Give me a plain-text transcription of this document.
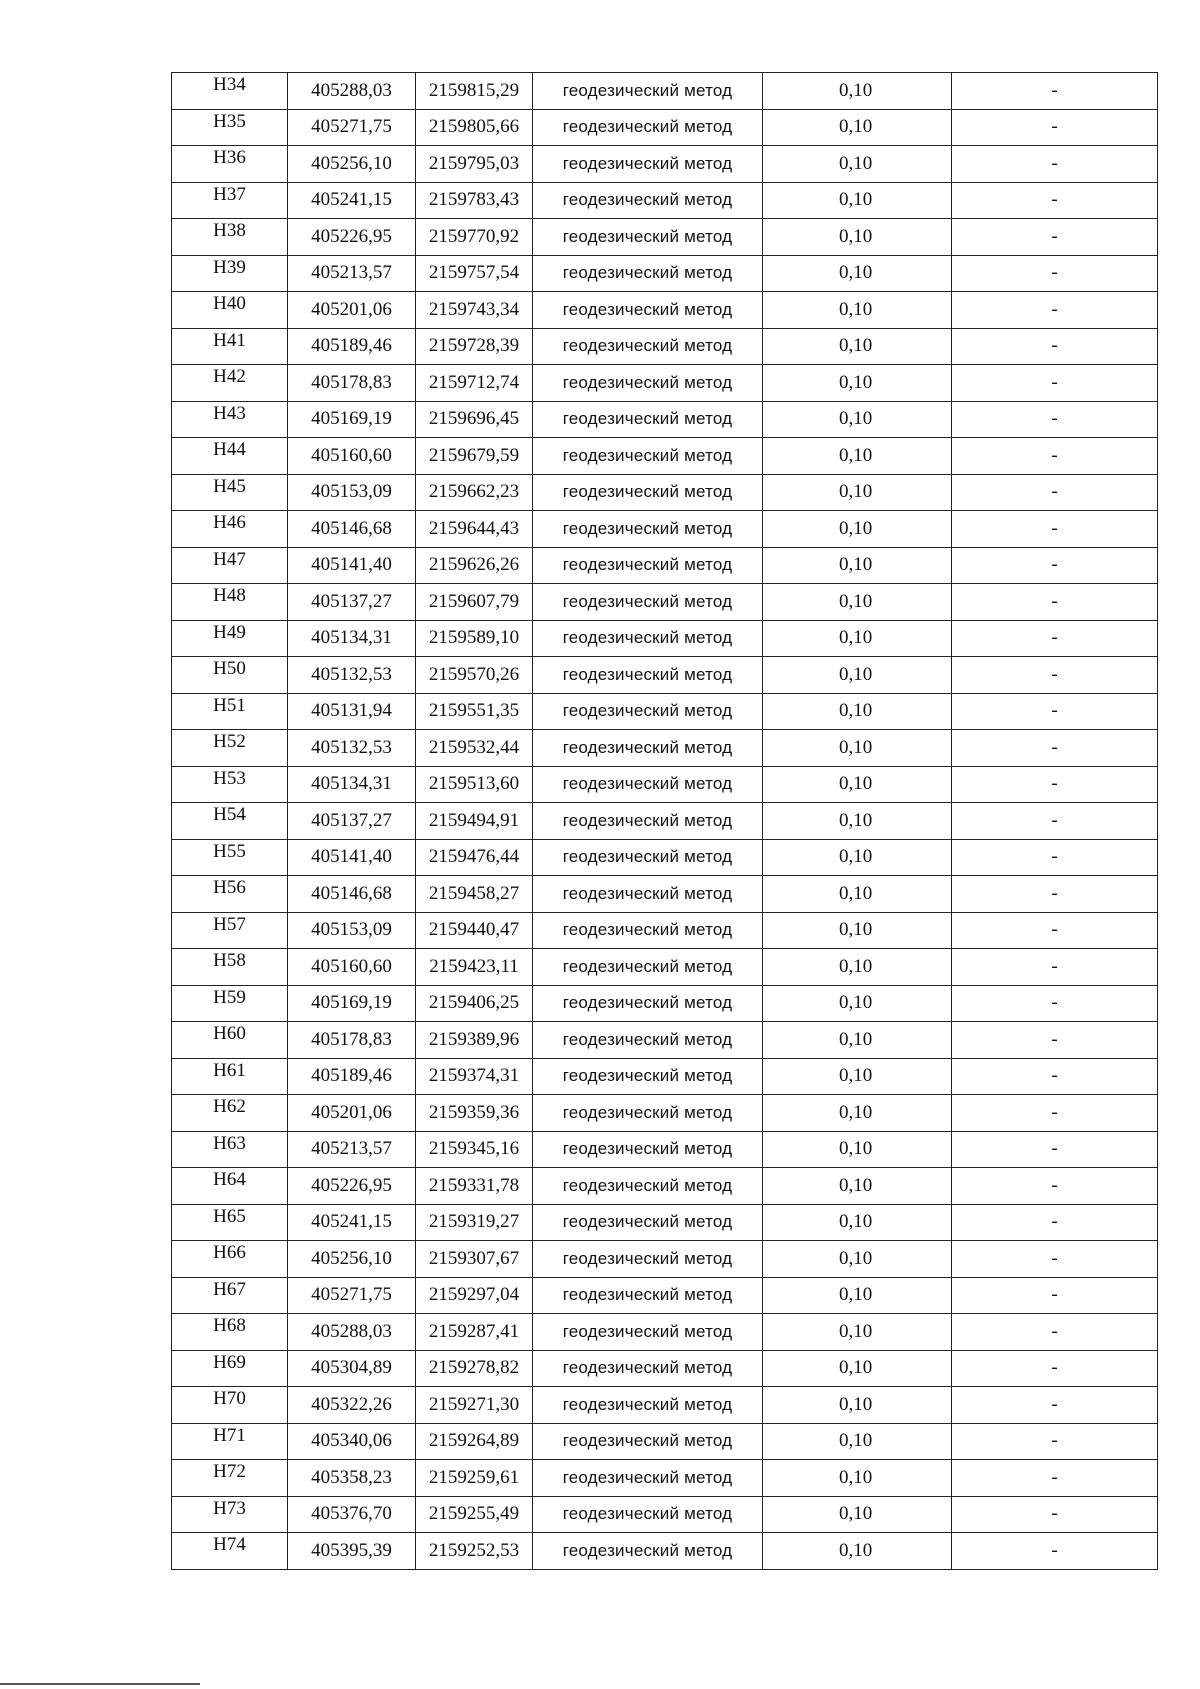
Н34	405288,03	2159815,29	геодезический метод	0,10	-
Н35	405271,75	2159805,66	геодезический метод	0,10	-
Н36	405256,10	2159795,03	геодезический метод	0,10	-
Н37	405241,15	2159783,43	геодезический метод	0,10	-
Н38	405226,95	2159770,92	геодезический метод	0,10	-
Н39	405213,57	2159757,54	геодезический метод	0,10	-
Н40	405201,06	2159743,34	геодезический метод	0,10	-
Н41	405189,46	2159728,39	геодезический метод	0,10	-
Н42	405178,83	2159712,74	геодезический метод	0,10	-
Н43	405169,19	2159696,45	геодезический метод	0,10	-
Н44	405160,60	2159679,59	геодезический метод	0,10	-
Н45	405153,09	2159662,23	геодезический метод	0,10	-
Н46	405146,68	2159644,43	геодезический метод	0,10	-
Н47	405141,40	2159626,26	геодезический метод	0,10	-
Н48	405137,27	2159607,79	геодезический метод	0,10	-
Н49	405134,31	2159589,10	геодезический метод	0,10	-
Н50	405132,53	2159570,26	геодезический метод	0,10	-
Н51	405131,94	2159551,35	геодезический метод	0,10	-
Н52	405132,53	2159532,44	геодезический метод	0,10	-
Н53	405134,31	2159513,60	геодезический метод	0,10	-
Н54	405137,27	2159494,91	геодезический метод	0,10	-
Н55	405141,40	2159476,44	геодезический метод	0,10	-
Н56	405146,68	2159458,27	геодезический метод	0,10	-
Н57	405153,09	2159440,47	геодезический метод	0,10	-
Н58	405160,60	2159423,11	геодезический метод	0,10	-
Н59	405169,19	2159406,25	геодезический метод	0,10	-
Н60	405178,83	2159389,96	геодезический метод	0,10	-
Н61	405189,46	2159374,31	геодезический метод	0,10	-
Н62	405201,06	2159359,36	геодезический метод	0,10	-
Н63	405213,57	2159345,16	геодезический метод	0,10	-
Н64	405226,95	2159331,78	геодезический метод	0,10	-
Н65	405241,15	2159319,27	геодезический метод	0,10	-
Н66	405256,10	2159307,67	геодезический метод	0,10	-
Н67	405271,75	2159297,04	геодезический метод	0,10	-
Н68	405288,03	2159287,41	геодезический метод	0,10	-
Н69	405304,89	2159278,82	геодезический метод	0,10	-
Н70	405322,26	2159271,30	геодезический метод	0,10	-
Н71	405340,06	2159264,89	геодезический метод	0,10	-
Н72	405358,23	2159259,61	геодезический метод	0,10	-
Н73	405376,70	2159255,49	геодезический метод	0,10	-
Н74	405395,39	2159252,53	геодезический метод	0,10	-
